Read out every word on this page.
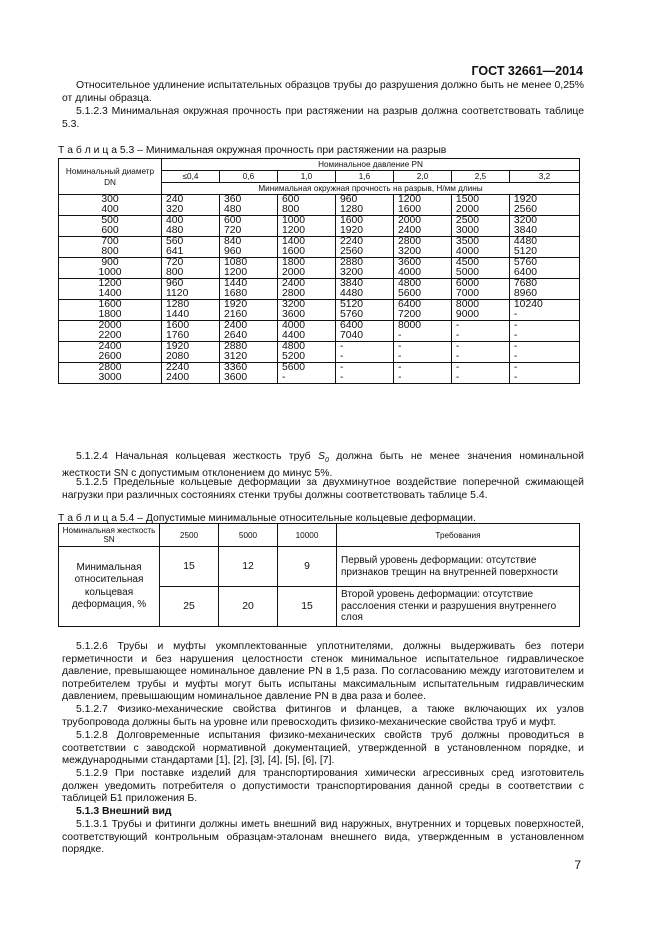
ГОСТ 32661—2014

Относительное удлинение испытательных образцов трубы до разрушения должно быть не менее 0,25% от длины образца.

5.1.2.3 Минимальная окружная прочность при растяжении на разрыв должна соответствовать таблице 5.3.

Т а б л и ц а 5.3 – Минимальная окружная прочность при растяжении на разрыв
Номинальный диаметр DN	Номинальное давление PN						
	≤0,4	0,6	1,0	1,6	2,0	2,5	3,2
	Минимальная окружная прочность на разрыв, Н/мм длины						
300	240	360	600	960	1200	1500	1920
400	320	480	800	1280	1600	2000	2560
500	400	600	1000	1600	2000	2500	3200
600	480	720	1200	1920	2400	3000	3840
700	560	840	1400	2240	2800	3500	4480
800	641	960	1600	2560	3200	4000	5120
900	720	1080	1800	2880	3600	4500	5760
1000	800	1200	2000	3200	4000	5000	6400
1200	960	1440	2400	3840	4800	6000	7680
1400	1120	1680	2800	4480	5600	7000	8960
1600	1280	1920	3200	5120	6400	8000	10240
1800	1440	2160	3600	5760	7200	9000	-
2000	1600	2400	4000	6400	8000	-	-
2200	1760	2640	4400	7040	-	-	-
2400	1920	2880	4800	-	-	-	-
2600	2080	3120	5200	-	-	-	-
2800	2240	3360	5600	-	-	-	-
3000	2400	3600	-	-	-	-	-

5.1.2.4 Начальная кольцевая жесткость труб $S_0$ должна быть не менее значения номинальной жесткости SN с допустимым отклонением до минус 5%.

5.1.2.5 Предельные кольцевые деформации за двухминутное воздействие поперечной сжимающей нагрузки при различных состояниях стенки трубы должны соответствовать таблице 5.4.

Т а б л и ц а 5.4 – Допустимые минимальные относительные кольцевые деформации.
Номинальная жесткость SN	2500	5000	10000	Требования
Минимальная относительная кольцевая деформация, %	15	12	9	Первый уровень деформации: отсутствие признаков трещин на внутренней поверхности
	25	20	15	Второй уровень деформации: отсутствие расслоения стенки и разрушения внутреннего слоя

5.1.2.6 Трубы и муфты укомплектованные уплотнителями, должны выдерживать без потери герметичности и без нарушения целостности стенок минимальное испытательное гидравлическое давление, превышающее номинальное давление PN в 1,5 раза. По согласованию между изготовителем и потребителем трубы и муфты могут быть испытаны максимальным испытательным гидравлическим давлением, превышающим номинальное давление PN в два раза и более.

5.1.2.7 Физико-механические свойства фитингов и фланцев, а также включающих их узлов трубопровода должны быть на уровне или превосходить физико-механические свойства труб и муфт.

5.1.2.8 Долговременные испытания физико-механических свойств труб должны проводиться в соответствии с заводской нормативной документацией, утвержденной в установленном порядке, и международными стандартами [1], [2], [3], [4], [5], [6], [7].

5.1.2.9 При поставке изделий для транспортирования химически агрессивных сред изготовитель должен уведомить потребителя о допустимости транспортирования данной среды в соответствии с таблицей Б1 приложения Б.

5.1.3 Внешний вид

5.1.3.1 Трубы и фитинги должны иметь внешний вид наружных, внутренних и торцевых поверхностей, соответствующий контрольным образцам-эталонам внешнего вида, утвержденным в установленном порядке.

7
